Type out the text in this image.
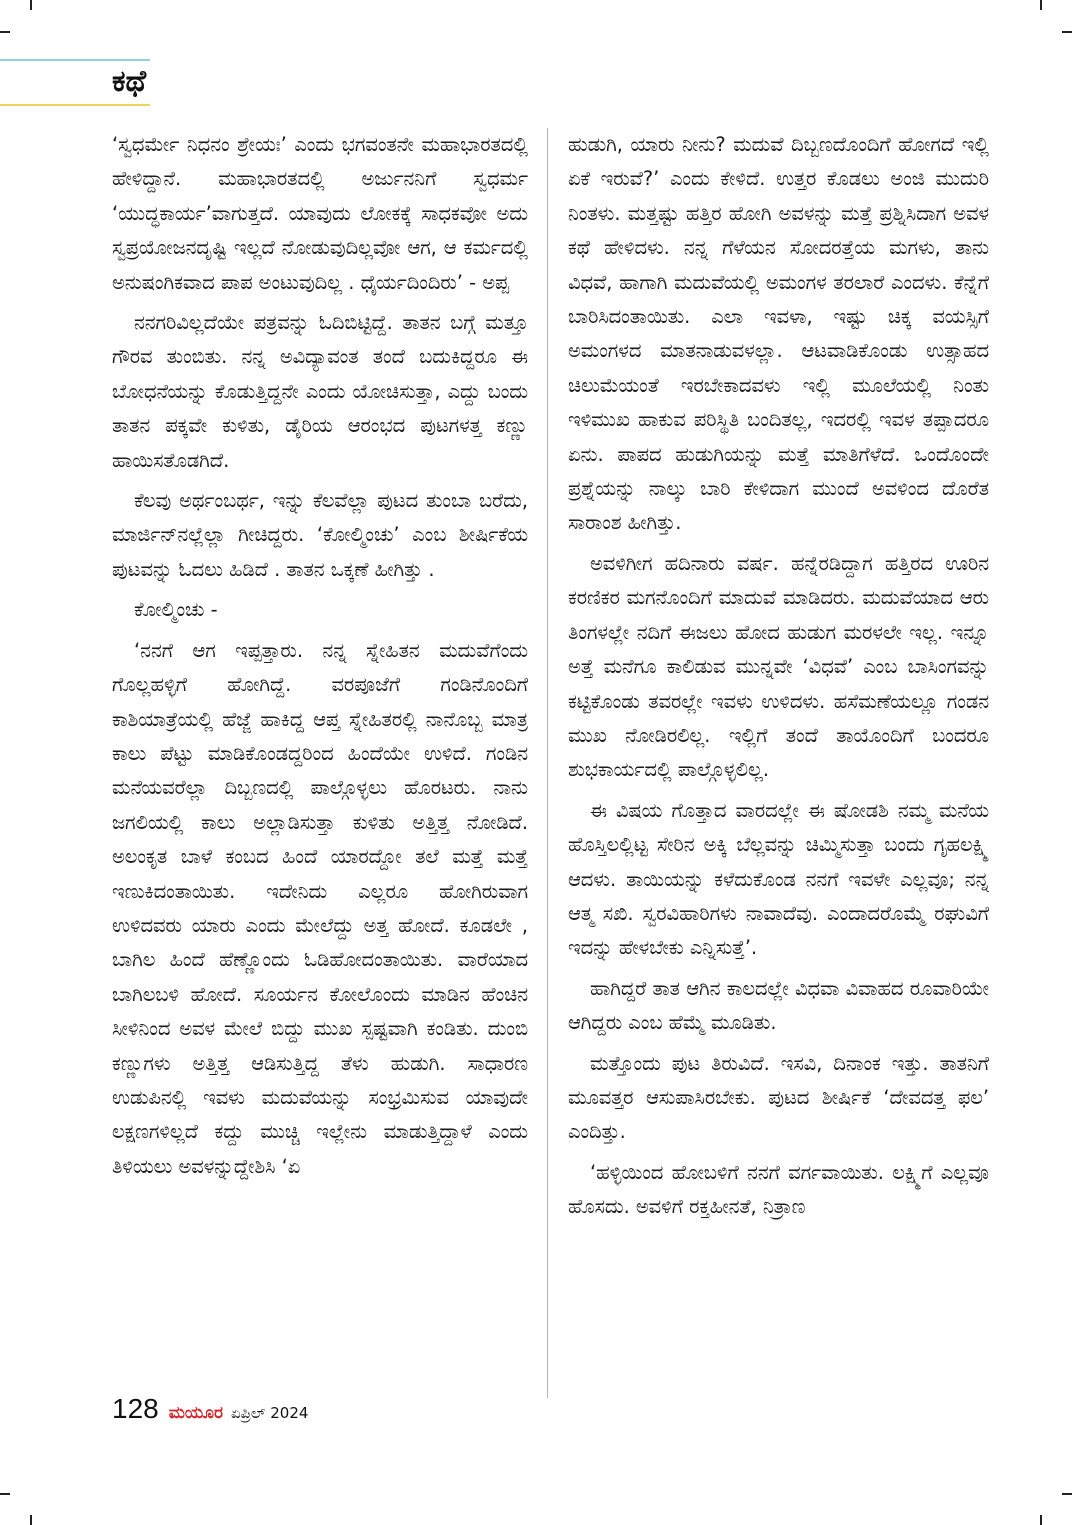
ಕಥೆ

‘ಸ್ವಧರ್ಮೇ ನಿಧನಂ ಶ್ರೇಯಃ’ ಎಂದು ಭಗವಂತನೇ ಮಹಾಭಾರತದಲ್ಲಿ ಹೇಳಿದ್ದಾನೆ. ಮಹಾಭಾರತದಲ್ಲಿ ಅರ್ಜುನನಿಗೆ ಸ್ವಧರ್ಮ ‘ಯುದ್ಧಕಾರ್ಯ’ವಾಗುತ್ತದೆ. ಯಾವುದು ಲೋಕಕ್ಕೆ ಸಾಧಕವೋ ಅದು ಸ್ವಪ್ರಯೋಜನದೃಷ್ಟಿ ಇಲ್ಲದೆ ನೋಡುವುದಿಲ್ಲವೋ ಆಗ, ಆ ಕರ್ಮದಲ್ಲಿ ಅನುಷಂಗಿಕವಾದ ಪಾಪ ಅಂಟುವುದಿಲ್ಲ . ಧೈರ್ಯದಿಂದಿರು’ - ಅಪ್ಪ

ನನಗರಿವಿಲ್ಲದೆಯೇ ಪತ್ರವನ್ನು ಓದಿಬಿಟ್ಟಿದ್ದೆ. ತಾತನ ಬಗ್ಗೆ ಮತ್ತೂ ಗೌರವ ತುಂಬಿತು. ನನ್ನ ಅವಿದ್ಯಾವಂತ ತಂದೆ ಬದುಕಿದ್ದರೂ ಈ ಬೋಧನೆಯನ್ನು ಕೊಡುತ್ತಿದ್ದನೇ ಎಂದು ಯೋಚಿಸುತ್ತಾ, ಎದ್ದು ಬಂದು ತಾತನ ಪಕ್ಕವೇ ಕುಳಿತು, ಡೈರಿಯ ಆರಂಭದ ಪುಟಗಳತ್ತ ಕಣ್ಣು ಹಾಯಿಸತೊಡಗಿದೆ.

ಕೆಲವು ಅರ್ಥಂಬರ್ಥ, ಇನ್ನು ಕೆಲವೆಲ್ಲಾ ಪುಟದ ತುಂಬಾ ಬರೆದು, ಮಾರ್ಜಿನ್‌ನಲ್ಲೆಲ್ಲಾ ಗೀಚಿದ್ದರು. ‘ಕೋಲ್ಮಿಂಚು’ ಎಂಬ ಶೀರ್ಷಿಕೆಯ ಪುಟವನ್ನು ಓದಲು ಹಿಡಿದೆ . ತಾತನ ಒಕ್ಕಣೆ ಹೀಗಿತ್ತು .

ಕೋಲ್ಮಿಂಚು -

‘ನನಗೆ ಆಗ ಇಪ್ಪತ್ತಾರು. ನನ್ನ ಸ್ನೇಹಿತನ ಮದುವೆಗೆಂದು ಗೊಲ್ಲಹಳ್ಳಿಗೆ ಹೋಗಿದ್ದೆ. ವರಪೂಜೆಗೆ ಗಂಡಿನೊಂದಿಗೆ ಕಾಶಿಯಾತ್ರೆಯಲ್ಲಿ ಹೆಜ್ಜೆ ಹಾಕಿದ್ದ ಆಪ್ತ ಸ್ನೇಹಿತರಲ್ಲಿ ನಾನೊಬ್ಬ ಮಾತ್ರ ಕಾಲು ಪೆಟ್ಟು ಮಾಡಿಕೊಂಡದ್ದರಿಂದ ಹಿಂದೆಯೇ ಉಳಿದೆ. ಗಂಡಿನ ಮನೆಯವರೆಲ್ಲಾ ದಿಬ್ಬಣದಲ್ಲಿ ಪಾಲ್ಗೊಳ್ಳಲು ಹೊರಟರು. ನಾನು ಜಗಲಿಯಲ್ಲಿ ಕಾಲು ಅಲ್ಲಾಡಿಸುತ್ತಾ ಕುಳಿತು ಅತ್ತಿತ್ತ ನೋಡಿದೆ. ಅಲಂಕೃತ ಬಾಳೆ ಕಂಬದ ಹಿಂದೆ ಯಾರದ್ದೋ ತಲೆ ಮತ್ತೆ ಮತ್ತೆ ಇಣುಕಿದಂತಾಯಿತು. ಇದೇನಿದು ಎಲ್ಲರೂ ಹೋಗಿರುವಾಗ ಉಳಿದವರು ಯಾರು ಎಂದು ಮೇಲೆದ್ದು ಅತ್ತ ಹೋದೆ. ಕೂಡಲೇ , ಬಾಗಿಲ ಹಿಂದೆ ಹೆಣ್ಣೊಂದು ಓಡಿಹೋದಂತಾಯಿತು. ವಾರೆಯಾದ ಬಾಗಿಲಬಳಿ ಹೋದೆ. ಸೂರ್ಯನ ಕೋಲೊಂದು ಮಾಡಿನ ಹೆಂಚಿನ ಸೀಳಿನಿಂದ ಅವಳ ಮೇಲೆ ಬಿದ್ದು ಮುಖ ಸ್ಪಷ್ಟವಾಗಿ ಕಂಡಿತು. ದುಂಬಿ ಕಣ್ಣುಗಳು ಅತ್ತಿತ್ತ ಆಡಿಸುತ್ತಿದ್ದ ತೆಳು ಹುಡುಗಿ. ಸಾಧಾರಣ ಉಡುಪಿನಲ್ಲಿ ಇವಳು ಮದುವೆಯನ್ನು ಸಂಭ್ರಮಿಸುವ ಯಾವುದೇ ಲಕ್ಷಣಗಳಿಲ್ಲದೆ ಕದ್ದು ಮುಚ್ಚಿ ಇಲ್ಲೇನು ಮಾಡುತ್ತಿದ್ದಾಳೆ ಎಂದು ತಿಳಿಯಲು ಅವಳನ್ನುದ್ದೇಶಿಸಿ ‘ಏ

ಹುಡುಗಿ, ಯಾರು ನೀನು? ಮದುವೆ ದಿಬ್ಬಣದೊಂದಿಗೆ ಹೋಗದೆ ಇಲ್ಲಿ ಏಕೆ ಇರುವೆ?’ ಎಂದು ಕೇಳಿದೆ. ಉತ್ತರ ಕೊಡಲು ಅಂಜಿ ಮುದುರಿ ನಿಂತಳು. ಮತ್ತಷ್ಟು ಹತ್ತಿರ ಹೋಗಿ ಅವಳನ್ನು ಮತ್ತೆ ಪ್ರಶ್ನಿಸಿದಾಗ ಅವಳ ಕಥೆ ಹೇಳಿದಳು. ನನ್ನ ಗೆಳೆಯನ ಸೋದರತ್ತೆಯ ಮಗಳು, ತಾನು ವಿಧವೆ, ಹಾಗಾಗಿ ಮದುವೆಯಲ್ಲಿ ಅಮಂಗಳ ತರಲಾರೆ ಎಂದಳು. ಕೆನ್ನೆಗೆ ಬಾರಿಸಿದಂತಾಯಿತು. ಎಲಾ ಇವಳಾ, ಇಷ್ಟು ಚಿಕ್ಕ ವಯಸ್ಸಿಗೆ ಅಮಂಗಳದ ಮಾತನಾಡುವಳಲ್ಲಾ. ಆಟವಾಡಿಕೊಂಡು ಉತ್ಸಾಹದ ಚಿಲುಮೆಯಂತೆ ಇರಬೇಕಾದವಳು ಇಲ್ಲಿ ಮೂಲೆಯಲ್ಲಿ ನಿಂತು ಇಳಿಮುಖ ಹಾಕುವ ಪರಿಸ್ಥಿತಿ ಬಂದಿತಲ್ಲ, ಇದರಲ್ಲಿ ಇವಳ ತಪ್ಪಾದರೂ ಏನು. ಪಾಪದ ಹುಡುಗಿಯನ್ನು ಮತ್ತೆ ಮಾತಿಗೆಳೆದೆ. ಒಂದೊಂದೇ ಪ್ರಶ್ನೆಯನ್ನು ನಾಲ್ಕು ಬಾರಿ ಕೇಳಿದಾಗ ಮುಂದೆ ಅವಳಿಂದ ದೊರೆತ ಸಾರಾಂಶ ಹೀಗಿತ್ತು.

ಅವಳಿಗೀಗ ಹದಿನಾರು ವರ್ಷ. ಹನ್ನೆರಡಿದ್ದಾಗ ಹತ್ತಿರದ ಊರಿನ ಕರಣಿಕರ ಮಗನೊಂದಿಗೆ ಮಾದುವೆ ಮಾಡಿದರು. ಮದುವೆಯಾದ ಆರು ತಿಂಗಳಲ್ಲೇ ನದಿಗೆ ಈಜಲು ಹೋದ ಹುಡುಗ ಮರಳಲೇ ಇಲ್ಲ. ಇನ್ನೂ ಅತ್ತೆ ಮನೆಗೂ ಕಾಲಿಡುವ ಮುನ್ನವೇ ‘ವಿಧವೆ’ ಎಂಬ ಬಾಸಿಂಗವನ್ನು ಕಟ್ಟಿಕೊಂಡು ತವರಲ್ಲೇ ಇವಳು ಉಳಿದಳು. ಹಸೆಮಣೆಯಲ್ಲೂ ಗಂಡನ ಮುಖ ನೋಡಿರಲಿಲ್ಲ. ಇಲ್ಲಿಗೆ ತಂದೆ ತಾಯೊಂದಿಗೆ ಬಂದರೂ ಶುಭಕಾರ್ಯದಲ್ಲಿ ಪಾಲ್ಗೊಳ್ಳಲಿಲ್ಲ.

ಈ ವಿಷಯ ಗೊತ್ತಾದ ವಾರದಲ್ಲೇ ಈ ಷೋಡಶಿ ನಮ್ಮ ಮನೆಯ ಹೊಸ್ತಿಲಲ್ಲಿಟ್ಟ ಸೇರಿನ ಅಕ್ಕಿ ಬೆಲ್ಲವನ್ನು ಚಿಮ್ಮಿಸುತ್ತಾ ಬಂದು ಗೃಹಲಕ್ಷ್ಮಿ ಆದಳು. ತಾಯಿಯನ್ನು ಕಳೆದುಕೊಂಡ ನನಗೆ ಇವಳೇ ಎಲ್ಲವೂ; ನನ್ನ ಆತ್ಮ ಸಖಿ. ಸ್ವರವಿಹಾರಿಗಳು ನಾವಾದೆವು. ಎಂದಾದರೊಮ್ಮೆ ರಘುವಿಗೆ ಇದನ್ನು ಹೇಳಬೇಕು ಎನ್ನಿಸುತ್ತೆ’.

ಹಾಗಿದ್ದರೆ ತಾತ ಆಗಿನ ಕಾಲದಲ್ಲೇ ವಿಧವಾ ವಿವಾಹದ ರೂವಾರಿಯೇ ಆಗಿದ್ದರು ಎಂಬ ಹೆಮ್ಮೆ ಮೂಡಿತು.

ಮತ್ತೊಂದು ಪುಟ ತಿರುವಿದೆ. ಇಸವಿ, ದಿನಾಂಕ ಇತ್ತು. ತಾತನಿಗೆ ಮೂವತ್ತರ ಆಸುಪಾಸಿರಬೇಕು. ಪುಟದ ಶೀರ್ಷಿಕೆ ‘ದೇವದತ್ತ ಫಲ’ ಎಂದಿತ್ತು.

‘ಹಳ್ಳಿಯಿಂದ ಹೋಬಳಿಗೆ ನನಗೆ ವರ್ಗವಾಯಿತು. ಲಕ್ಷ್ಮಿಗೆ ಎಲ್ಲವೂ ಹೊಸದು. ಅವಳಿಗೆ ರಕ್ತಹೀನತೆ, ನಿತ್ರಾಣ

128 ಮಯೂರ ಏಪ್ರಿಲ್ 2024
